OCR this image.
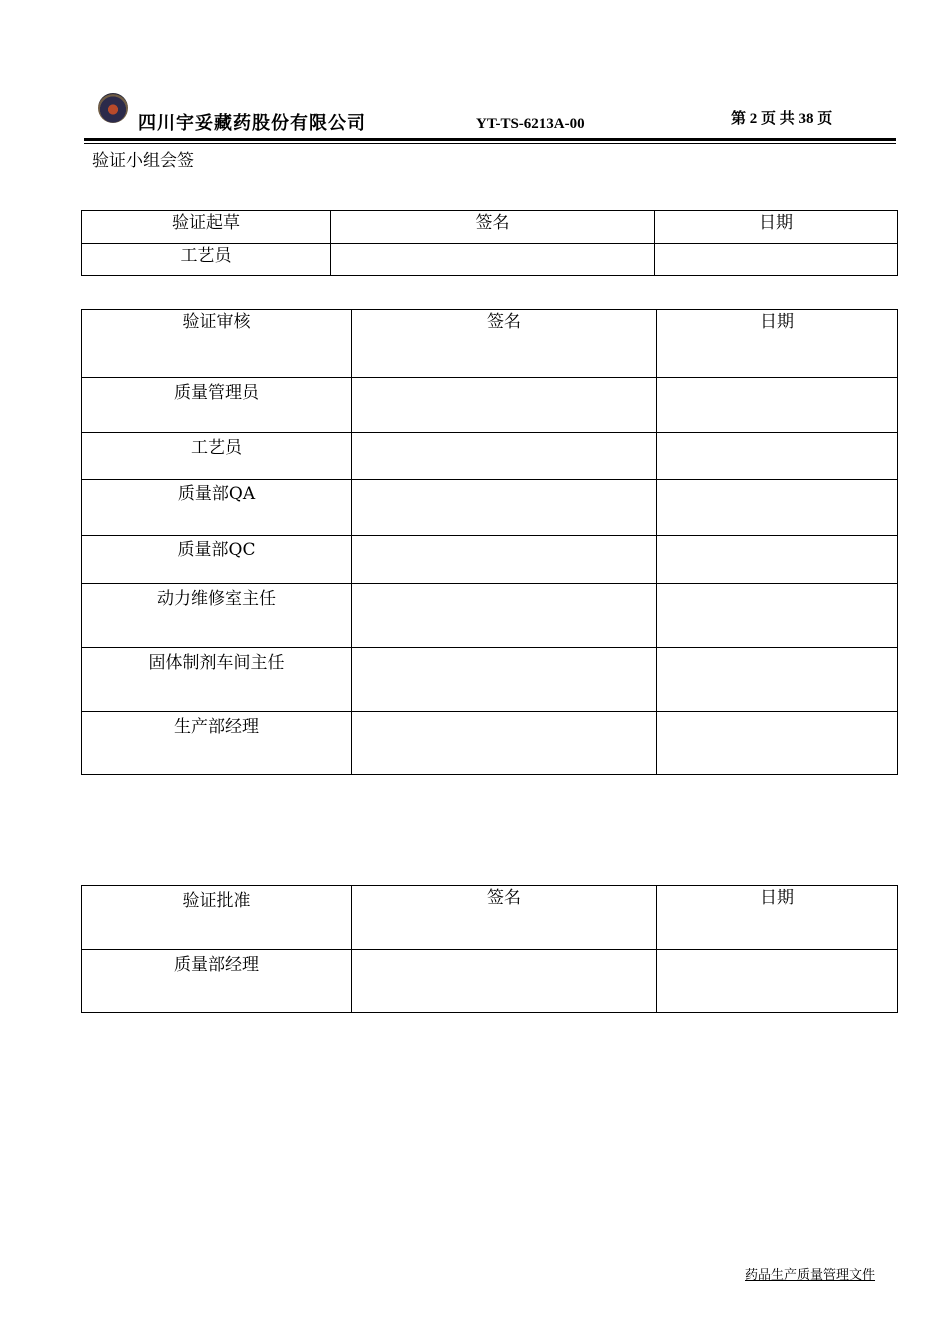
四川宇妥藏药股份有限公司	YT-TS-6213A-00	第 2 页 共 38 页
验证小组会签
验证起草	签名	日期
工艺员		
验证审核	签名	日期
质量管理员		
工艺员		
质量部QA		
质量部QC		
动力维修室主任		
固体制剂车间主任		
生产部经理		
验证批准	签名	日期
质量部经理		
药品生产质量管理文件
